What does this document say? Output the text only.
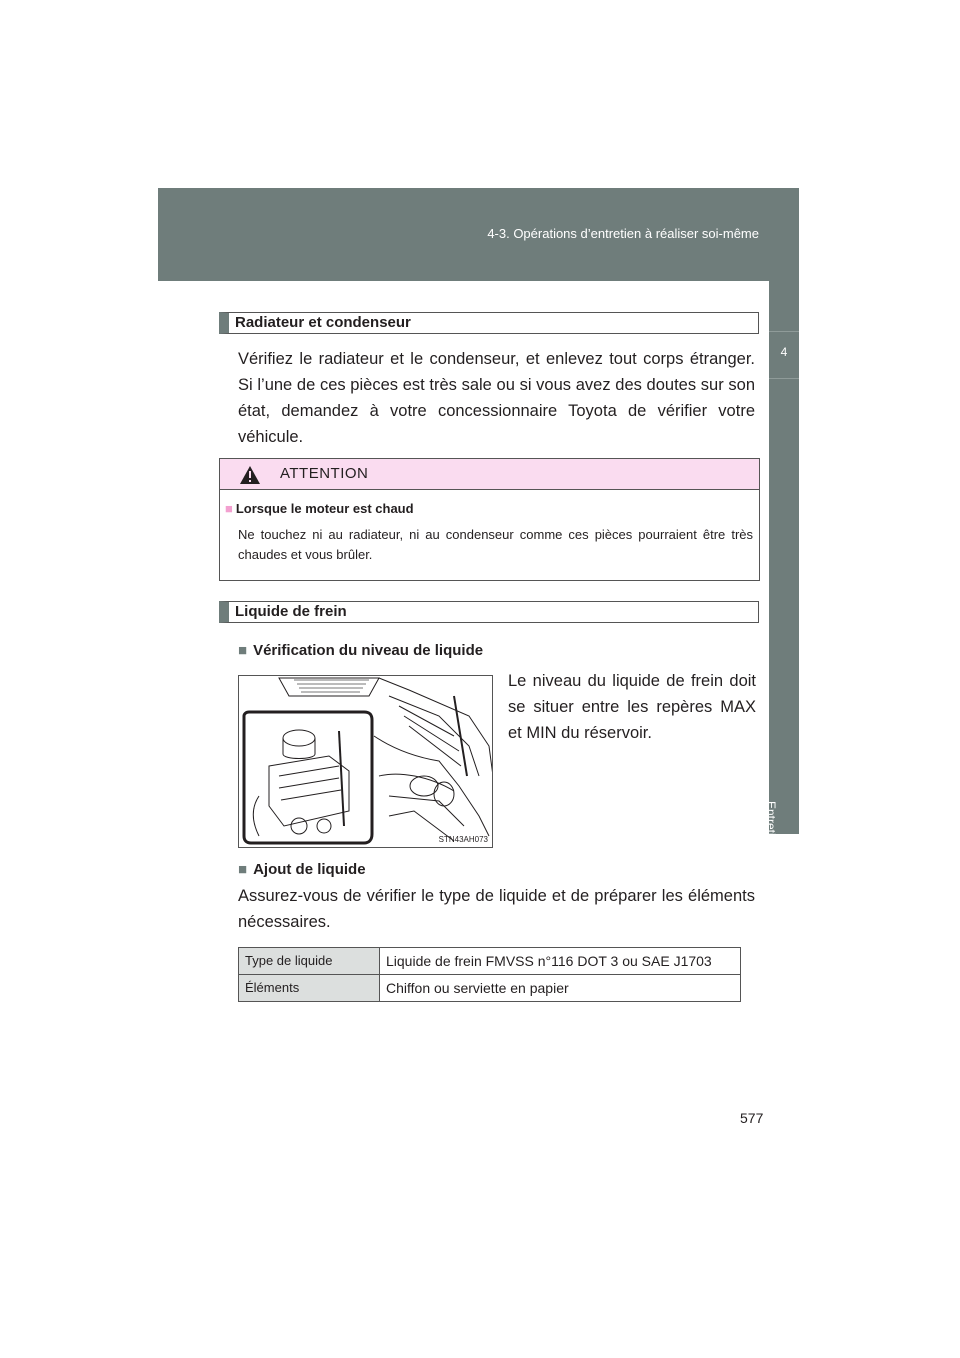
4-3. Opérations d’entretien à réaliser soi-même
4
Entretien et soins
Radiateur et condenseur
Vérifiez le radiateur et le condenseur, et enlevez tout corps étranger. Si l’une de ces pièces est très sale ou si vous avez des doutes sur son état, demandez à votre concessionnaire Toyota de vérifier votre véhicule.
ATTENTION
■ Lorsque le moteur est chaud
Ne touchez ni au radiateur, ni au condenseur comme ces pièces pourraient être très chaudes et vous brûler.
Liquide de frein
■ Vérification du niveau de liquide
STN43AH073
Le niveau du liquide de frein doit se situer entre les repères MAX et MIN du réservoir.
■ Ajout de liquide
Assurez-vous de vérifier le type de liquide et de préparer les éléments nécessaires.
Type de liquide	Liquide de frein FMVSS n°116 DOT 3 ou SAE J1703
Éléments	Chiffon ou serviette en papier
577
